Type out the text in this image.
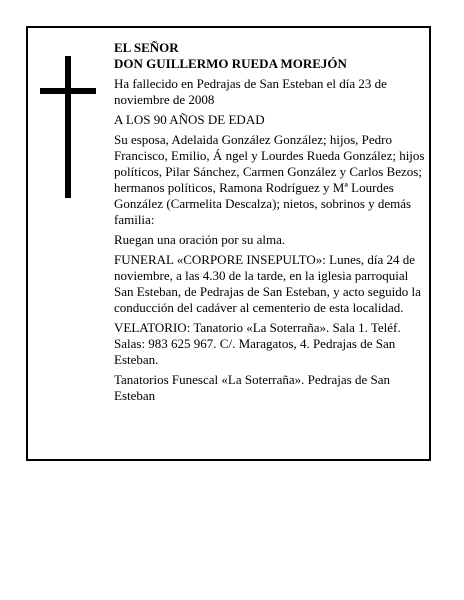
EL SEÑOR

DON GUILLERMO RUEDA MOREJÓN

Ha fallecido en Pedrajas de San Esteban el día 23 de noviembre de 2008

A LOS 90 AÑOS DE EDAD

Su esposa, Adelaida González González; hijos, Pedro Francisco, Emilio, Á ngel y Lourdes Rueda González; hijos políticos, Pilar Sánchez, Carmen González y Carlos Bezos; hermanos políticos, Ramona Rodríguez y Mª Lourdes González (Carmelita Descalza); nietos, sobrinos y demás familia:

Ruegan una oración por su alma.

FUNERAL «CORPORE INSEPULTO»: Lunes, día 24 de noviembre, a las 4.30 de la tarde, en la iglesia parroquial San Esteban, de Pedrajas de San Esteban, y acto seguido la conducción del cadáver al cementerio de esta localidad.

VELATORIO: Tanatorio «La Soterraña». Sala 1. Teléf. Salas: 983 625 967. C/. Maragatos, 4. Pedrajas de San Esteban.

Tanatorios Funescal «La Soterraña». Pedrajas de San Esteban
